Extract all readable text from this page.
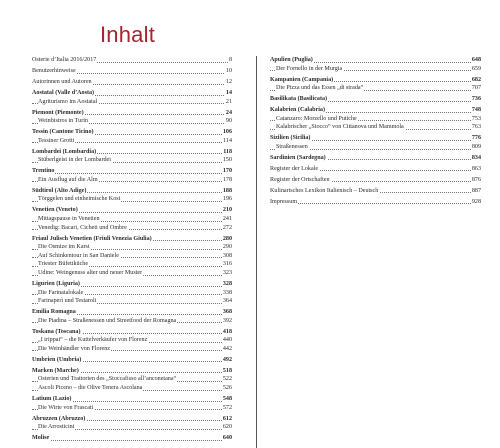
Inhalt
Osterie d’Italia 2016/2017	8
Benutzerhinweise	10
Autorinnen und Autoren	12
Aostatal (Valle d’Aosta)	14
Agriturismo im Aostatal	21
Piemont (Piemonte)	24
Weinbistros in Turin	90
Tessin (Cantone Ticino)	106
Tessiner Grotti	114
Lombardei (Lombardia)	118
Stüberlgeist in der Lombardei	150
Trentino	170
Ein Ausflug auf die Alm	178
Südtirol (Alto Adige)	188
Törggelen und einheimische Kost	196
Venetien (Veneto)	210
Mittagspause in Venetien	241
Venedig: Bacari, Cicheti und Ombre	272
Friaul Julisch Venetien (Friuli Venezia Giulia)	280
Die Osmize im Karst	290
Auf Schinkentour in San Daniele	308
Triester Büfettküche	316
Udine: Weingenuss alter und neuer Muster	323
Ligurien (Liguria)	328
Die Farinatalokale	338
Farinaperì und Testaroli	364
Emilia Romagna	368
Die Piadina – Straßenessen und Streetfood der Romagna	392
Toskana (Toscana)	418
„I trippai“ – die Kuttelverkäufer von Florenz	440
Die Weinhändler von Florenz	442
Umbrien (Umbria)	492
Marken (Marche)	518
Osterien und Trattorien des „Stoccafisso all’anconetana“	522
Ascoli Piceno – die Olive Tenera Ascolana	526
Latium (Lazio)	548
Die Wirte von Frascati	572
Abruzzen (Abruzzo)	612
Die Arrosticini	620
Molise	640
Apulien (Puglia)	648
Der Fornello in der Murgia	659
Kampanien (Campania)	682
Die Pizza und das Essen „di strada“	707
Basilikata (Basilicata)	736
Kalabrien (Calabria)	748
Catanzaro: Morzello und Putiche	753
Kalabrischer „Stocco“ von Cittanova und Mammola	763
Sizilien (Sicilia)	776
Straßenessen	809
Sardinien (Sardegna)	834
Register der Lokale	863
Register der Ortschaften	876
Kulinarisches Lexikon Italienisch – Deutsch	887
Impressum	928
